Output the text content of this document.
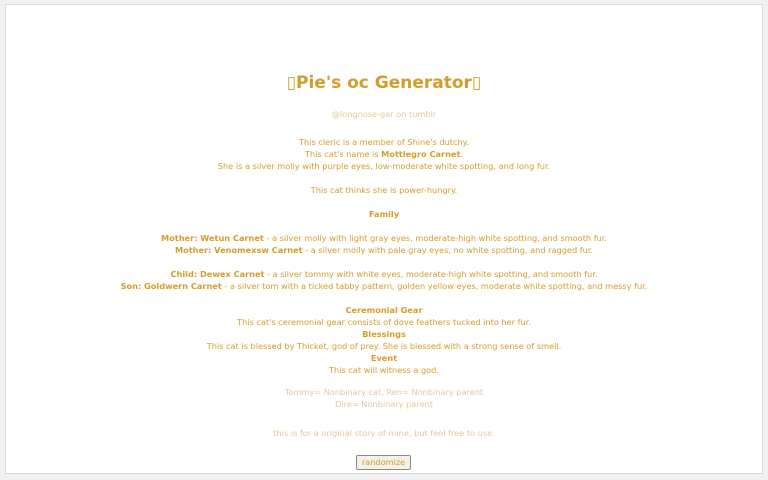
▯Pie's oc Generator▯
@longnose-gar on tumblr
This cleric is a member of Shine's dutchy.
This cat's name is Mottlegro Carnet.
She is a silver molly with purple eyes, low-moderate white spotting, and long fur.
This cat thinks she is power-hungry.
Family
Mother: Wetun Carnet - a silver molly with light gray eyes, moderate-high white spotting, and smooth fur.
Mother: Venomexsw Carnet - a silver molly with pale gray eyes, no white spotting, and ragged fur.
Child: Dewex Carnet - a silver tommy with white eyes, moderate-high white spotting, and smooth fur.
Son: Goldwern Carnet - a silver tom with a ticked tabby pattern, golden yellow eyes, moderate white spotting, and messy fur.
Ceremonial Gear
This cat's ceremonial gear consists of dove feathers tucked into her fur.
Blessings
This cat is blessed by Thicket, god of prey. She is blessed with a strong sense of smell.
Event
This cat will witness a god.
Tommy= Nonbinary cat, Ren= Nonbinary parent
Dire= Nonbinary parent
this is for a original story of mine, but feel free to use.
randomize
